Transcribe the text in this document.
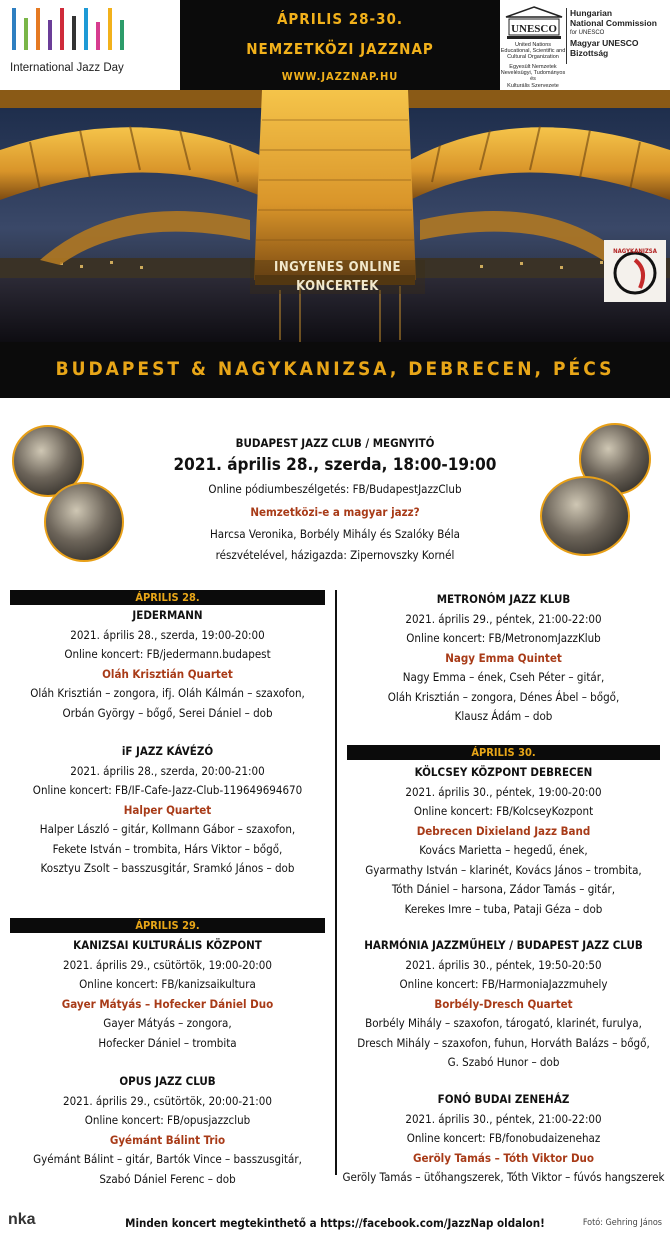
International Jazz Day
ÁPRILIS 28-30.
NEMZETKÖZI JAZZNAP
WWW.JAZZNAP.HU
UNESCO
United Nations
Educational, Scientific and
Cultural Organization
Egyesült Nemzetek
Nevelésügyi, Tudományos és
Kulturális Szervezete
Hungarian
National Commission
for UNESCO
Magyar UNESCO
Bizottság
INGYENES ONLINE
KONCERTEK
NAGYKANIZSA
BUDAPEST & NAGYKANIZSA, DEBRECEN, PÉCS
BUDAPEST JAZZ CLUB / MEGNYITÓ
2021. április 28., szerda, 18:00-19:00
Online pódiumbeszélgetés: FB/BudapestJazzClub
Nemzetközi-e a magyar jazz?
Harcsa Veronika, Borbély Mihály és Szalóky Béla
részvételével, házigazda: Zipernovszky Kornél
ÁPRILIS 28.
JEDERMANN
2021. április 28., szerda, 19:00-20:00
Online koncert: FB/jedermann.budapest
Oláh Krisztián Quartet
Oláh Krisztián – zongora, ifj. Oláh Kálmán – szaxofon,
Orbán György – bőgő, Serei Dániel – dob
iF JAZZ KÁVÉZÓ
2021. április 28., szerda, 20:00-21:00
Online koncert: FB/IF-Cafe-Jazz-Club-119649694670
Halper Quartet
Halper László – gitár, Kollmann Gábor – szaxofon,
Fekete István – trombita, Hárs Viktor – bőgő,
Kosztyu Zsolt – basszusgitár, Sramkó János – dob
ÁPRILIS 29.
KANIZSAI KULTURÁLIS KÖZPONT
2021. április 29., csütörtök, 19:00-20:00
Online koncert: FB/kanizsaikultura
Gayer Mátyás – Hofecker Dániel Duo
Gayer Mátyás – zongora,
Hofecker Dániel – trombita
OPUS JAZZ CLUB
2021. április 29., csütörtök, 20:00-21:00
Online koncert: FB/opusjazzclub
Gyémánt Bálint Trio
Gyémánt Bálint – gitár, Bartók Vince – basszusgitár,
Szabó Dániel Ferenc – dob
METRONÓM JAZZ KLUB
2021. április 29., péntek, 21:00-22:00
Online koncert: FB/MetronomJazzKlub
Nagy Emma Quintet
Nagy Emma – ének, Cseh Péter – gitár,
Oláh Krisztián – zongora, Dénes Ábel – bőgő,
Klausz Ádám – dob
ÁPRILIS 30.
KÖLCSEY KÖZPONT DEBRECEN
2021. április 30., péntek, 19:00-20:00
Online koncert: FB/KolcseyKozpont
Debrecen Dixieland Jazz Band
Kovács Marietta – hegedű, ének,
Gyarmathy István – klarinét, Kovács János – trombita,
Tóth Dániel – harsona, Zádor Tamás – gitár,
Kerekes Imre – tuba, Pataji Géza – dob
HARMÓNIA JAZZMŰHELY / BUDAPEST JAZZ CLUB
2021. április 30., péntek, 19:50-20:50
Online koncert: FB/HarmoniaJazzmuhely
Borbély-Dresch Quartet
Borbély Mihály – szaxofon, tárogató, klarinét, furulya,
Dresch Mihály – szaxofon, fuhun, Horváth Balázs – bőgő,
G. Szabó Hunor – dob
FONÓ BUDAI ZENEHÁZ
2021. április 30., péntek, 21:00-22:00
Online koncert: FB/fonobudaizenehaz
Geröly Tamás – Tóth Viktor Duo
Geröly Tamás – ütőhangszerek, Tóth Viktor – fúvós hangszerek
nka	Minden koncert megtekinthető a https://facebook.com/JazzNap oldalon!	Fotó: Gehring János
